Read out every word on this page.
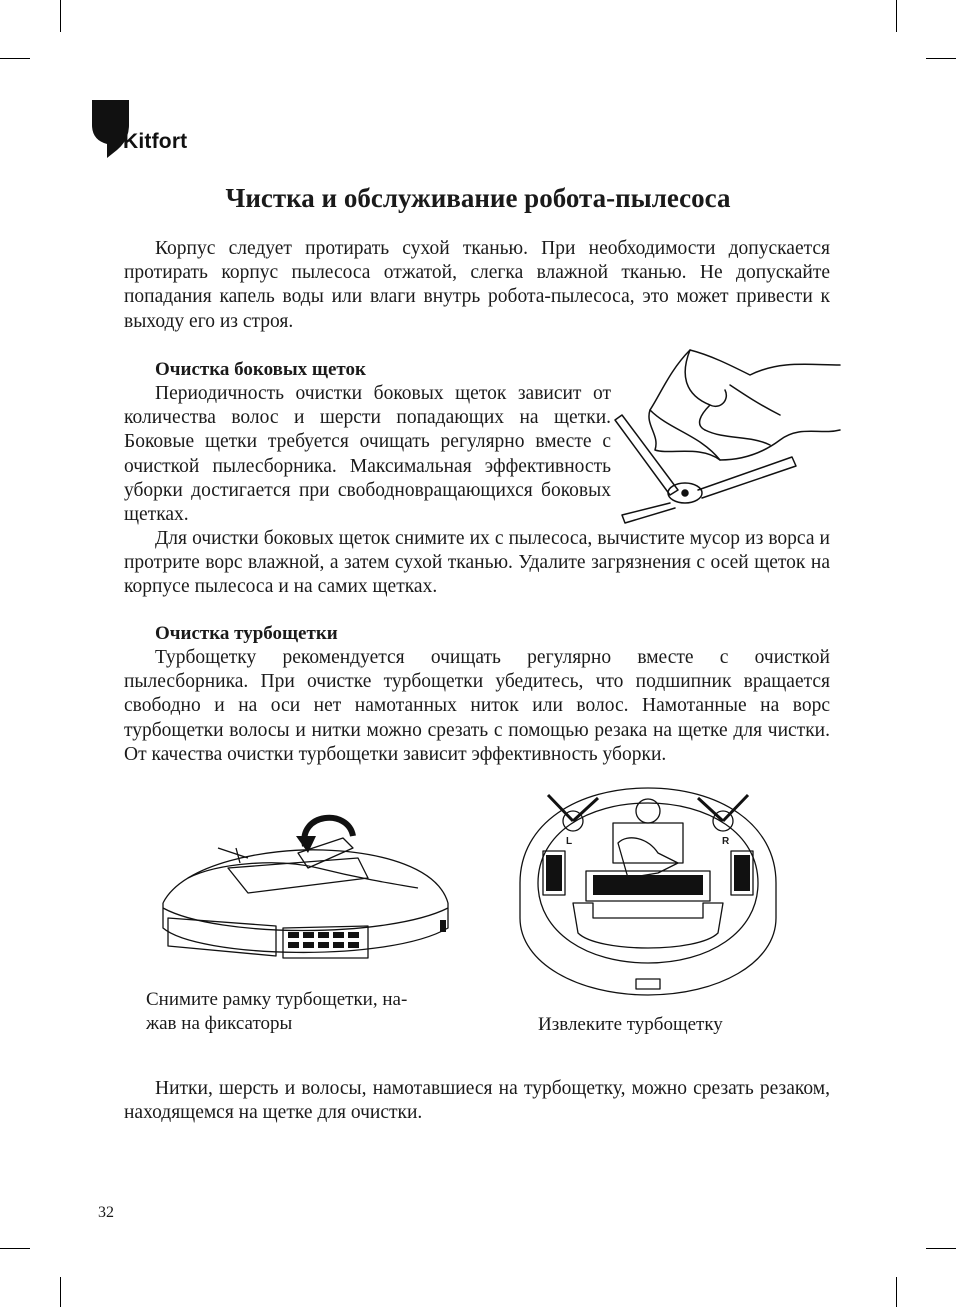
Kitfort
Чистка и обслуживание робота-пылесоса

Корпус следует протирать сухой тканью. При необходимости допускается протирать корпус пылесоса отжатой, слегка влажной тканью. Не допускайте попадания капель воды или влаги внутрь робота-пылесоса, это может привести к выходу его из строя.

Очистка боковых щеток

Периодичность очистки боковых щеток зависит от количества волос и шерсти попадающих на щетки. Боковые щетки требуется очищать регулярно вместе с очисткой пылесборника. Максимальная эффективность уборки достигается при свободновращающихся боковых щетках.

Для очистки боковых щеток снимите их с пылесоса, вычистите мусор из ворса и протрите ворс влажной, а затем сухой тканью. Удалите загрязнения с осей щеток на корпусе пылесоса и на самих щетках.

Очистка турбощетки

Турбощетку рекомендуется очищать регулярно вместе с очисткой пылесборника. При очистке турбощетки убедитесь, что подшипник вращается свободно и на оси нет намотанных ниток или волос. Намотанные на ворс турбощетки волосы и нитки можно срезать с помощью резака на щетке для чистки. От качества очистки турбощетки зависит эффективность уборки.

L	R

Снимите рамку турбощетки, на-

жав на фиксаторы	Извлеките турбощетку

Нитки, шерсть и волосы, намотавшиеся на турбощетку, можно срезать резаком, находящемся на щетке для очистки.

32
